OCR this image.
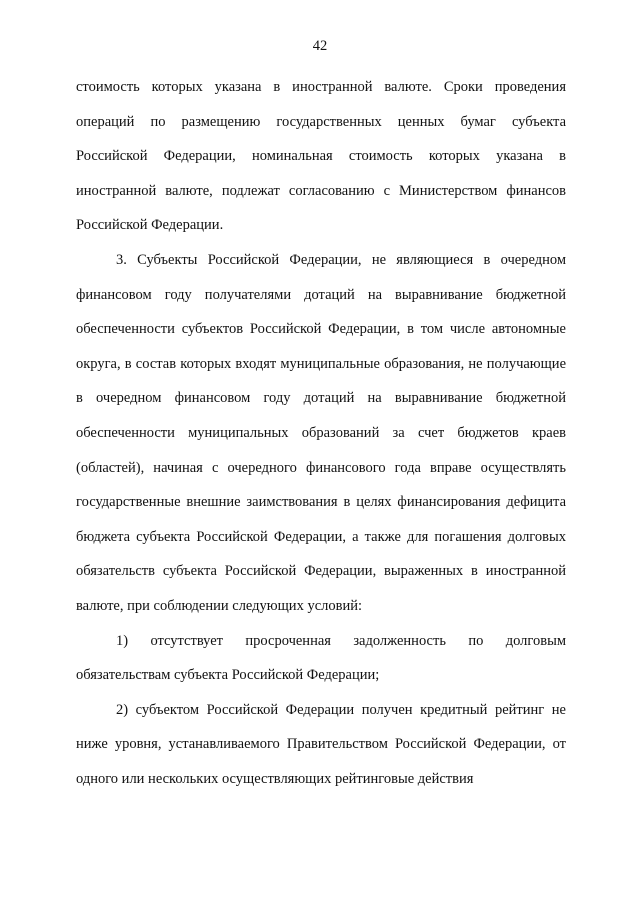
42

стоимость которых указана в иностранной валюте. Сроки проведения операций по размещению государственных ценных бумаг субъекта Российской Федерации, номинальная стоимость которых указана в иностранной валюте, подлежат согласованию с Министерством финансов Российской Федерации.

3. Субъекты Российской Федерации, не являющиеся в очередном финансовом году получателями дотаций на выравнивание бюджетной обеспеченности субъектов Российской Федерации, в том числе автономные округа, в состав которых входят муниципальные образования, не получающие в очередном финансовом году дотаций на выравнивание бюджетной обеспеченности муниципальных образований за счет бюджетов краев (областей), начиная с очередного финансового года вправе осуществлять государственные внешние заимствования в целях финансирования дефицита бюджета субъекта Российской Федерации, а также для погашения долговых обязательств субъекта Российской Федерации, выраженных в иностранной валюте, при соблюдении следующих условий:

1) отсутствует просроченная задолженность по долговым обязательствам субъекта Российской Федерации;

2) субъектом Российской Федерации получен кредитный рейтинг не ниже уровня, устанавливаемого Правительством Российской Федерации, от одного или нескольких осуществляющих рейтинговые действия
